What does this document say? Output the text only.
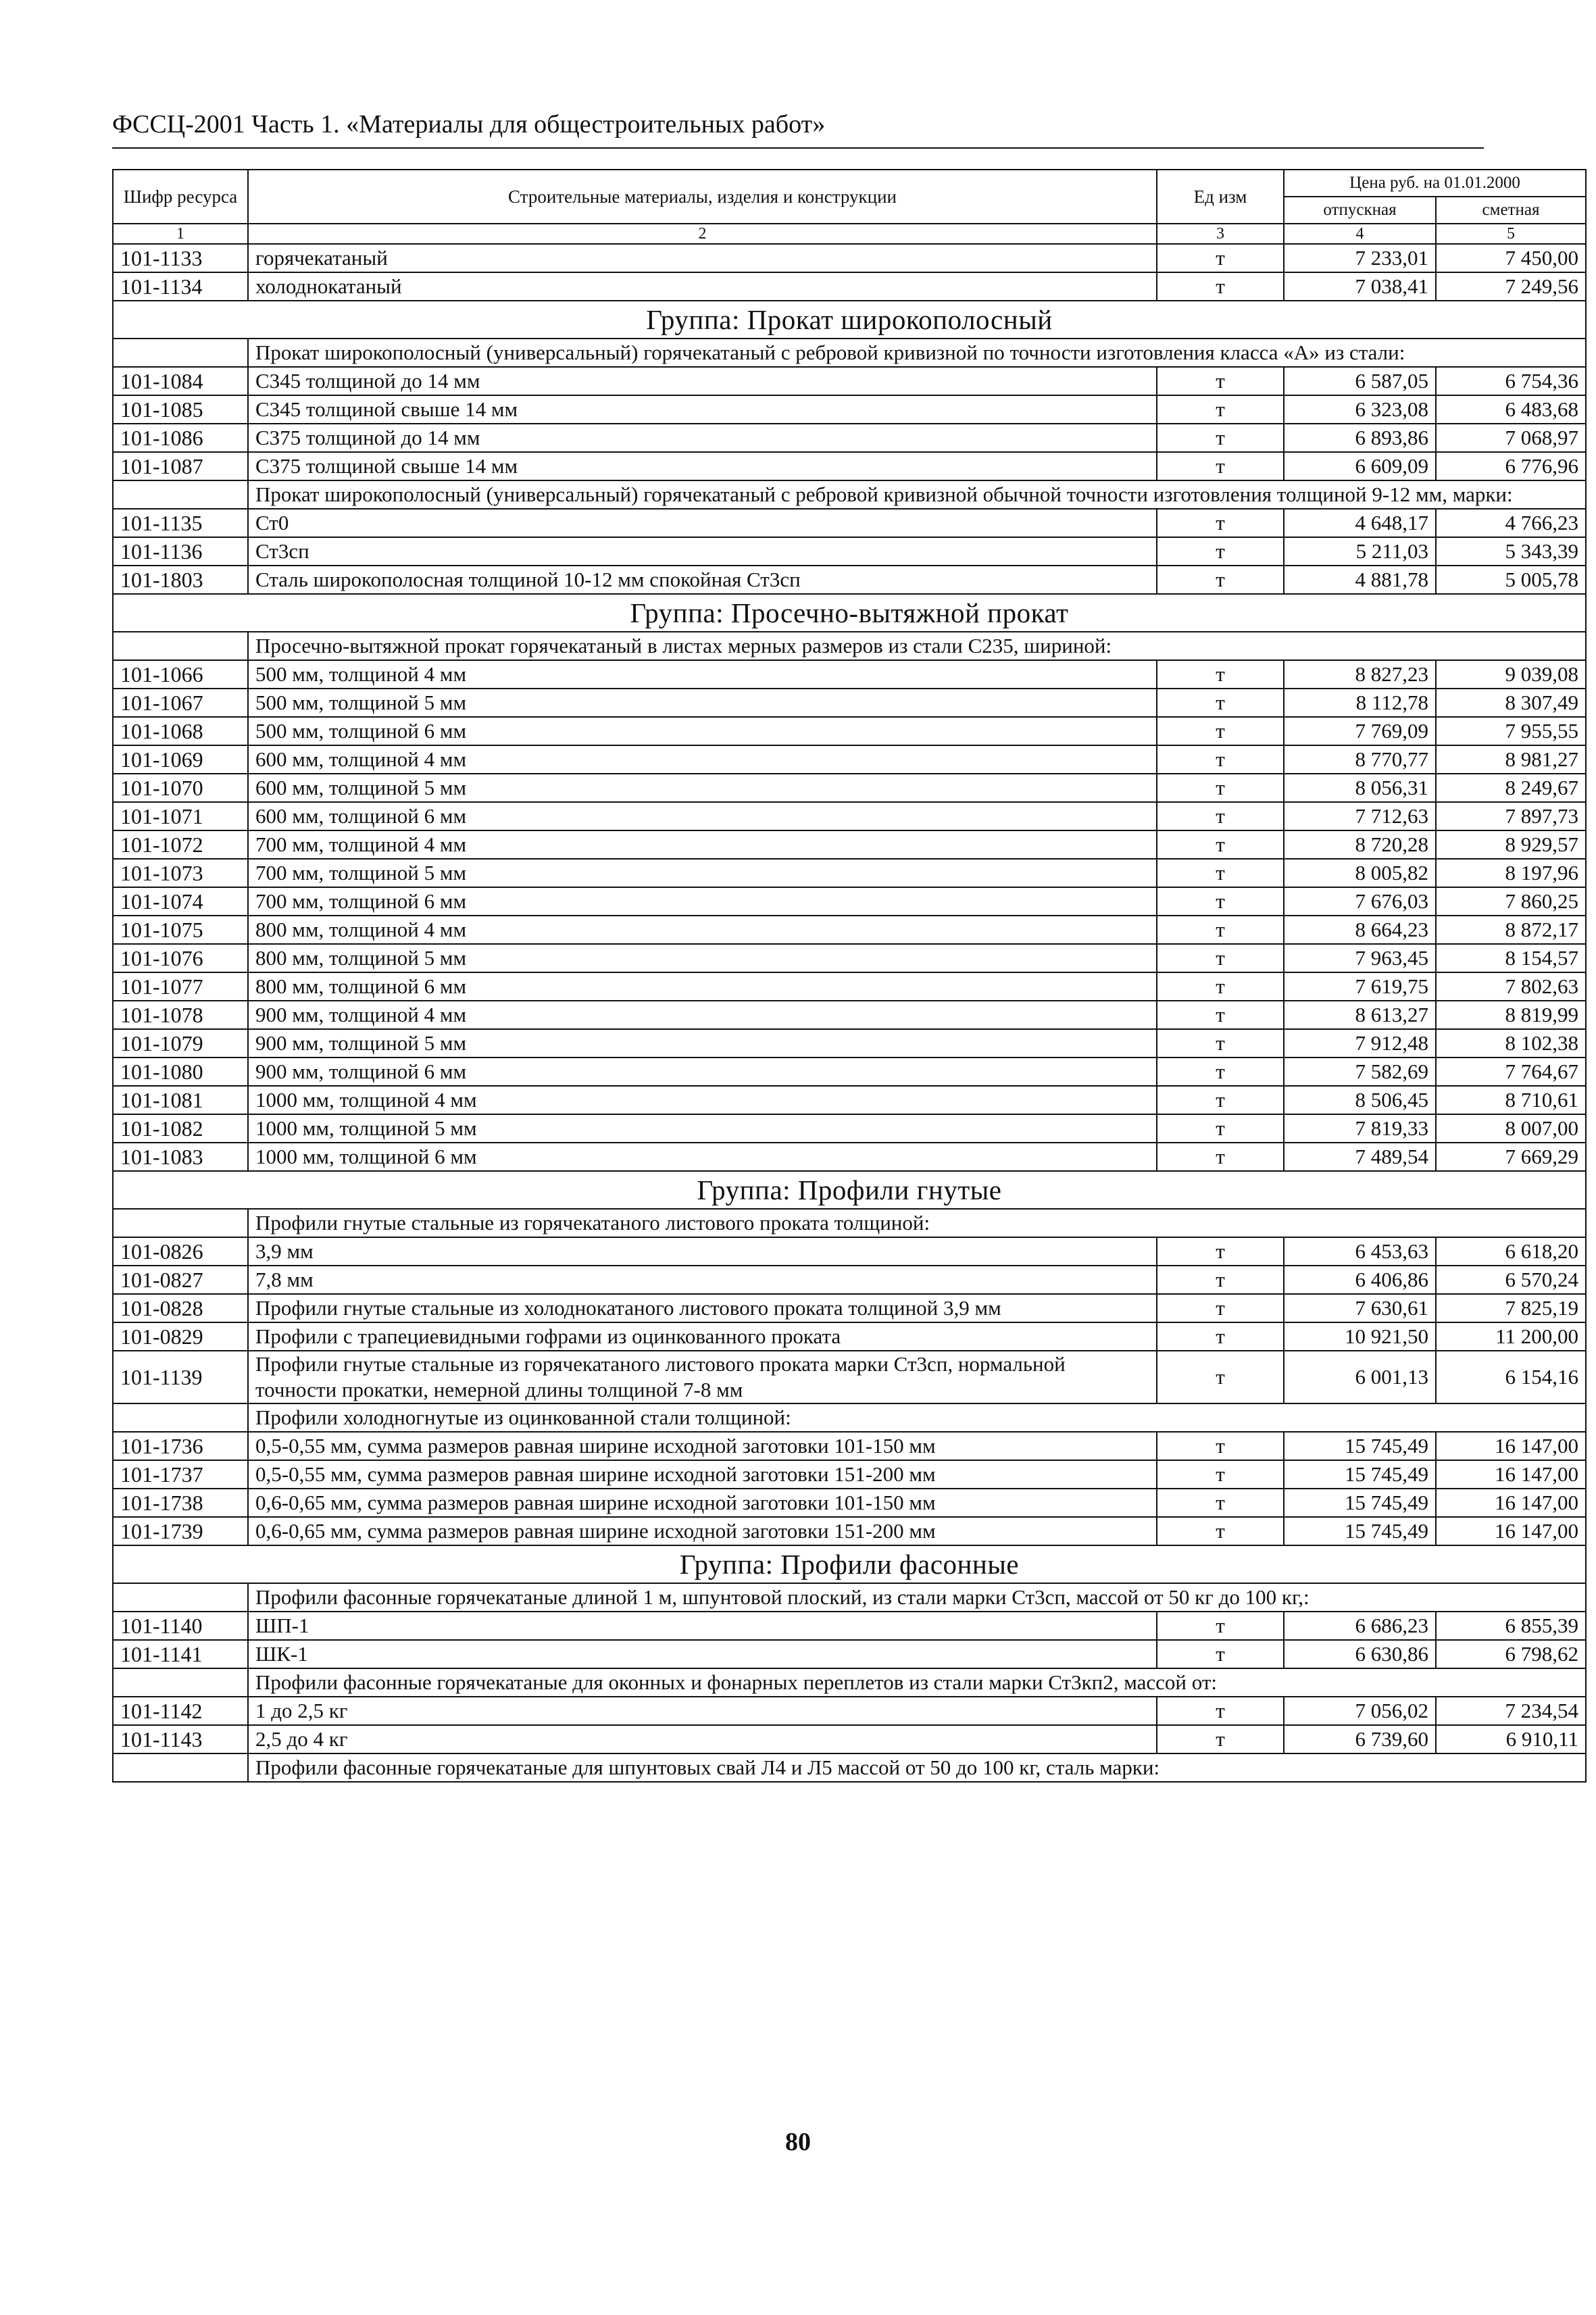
ФССЦ-2001 Часть 1. «Материалы для общестроительных работ»
Шифр ресурса	Строительные материалы, изделия и конструкции	Ед изм	Цена руб. на 01.01.2000	
			отпускная	сметная
1	2	3	4	5
101-1133	горячекатаный	т	7 233,01	7 450,00
101-1134	холоднокатаный	т	7 038,41	7 249,56
Группа: Прокат широкополосный				
	Прокат широкополосный (универсальный) горячекатаный с ребровой кривизной по точности изготовления класса «А» из стали:			
101-1084	С345 толщиной до 14 мм	т	6 587,05	6 754,36
101-1085	С345 толщиной свыше 14 мм	т	6 323,08	6 483,68
101-1086	С375 толщиной до 14 мм	т	6 893,86	7 068,97
101-1087	С375 толщиной свыше 14 мм	т	6 609,09	6 776,96
	Прокат широкополосный (универсальный) горячекатаный с ребровой кривизной обычной точности изготовления толщиной 9-12 мм, марки:			
101-1135	Ст0	т	4 648,17	4 766,23
101-1136	Ст3сп	т	5 211,03	5 343,39
101-1803	Сталь широкополосная толщиной 10-12 мм спокойная Ст3сп	т	4 881,78	5 005,78
Группа: Просечно-вытяжной прокат				
	Просечно-вытяжной прокат горячекатаный в листах мерных размеров из стали С235, шириной:			
101-1066	500 мм, толщиной 4 мм	т	8 827,23	9 039,08
101-1067	500 мм, толщиной 5 мм	т	8 112,78	8 307,49
101-1068	500 мм, толщиной 6 мм	т	7 769,09	7 955,55
101-1069	600 мм, толщиной 4 мм	т	8 770,77	8 981,27
101-1070	600 мм, толщиной 5 мм	т	8 056,31	8 249,67
101-1071	600 мм, толщиной 6 мм	т	7 712,63	7 897,73
101-1072	700 мм, толщиной 4 мм	т	8 720,28	8 929,57
101-1073	700 мм, толщиной 5 мм	т	8 005,82	8 197,96
101-1074	700 мм, толщиной 6 мм	т	7 676,03	7 860,25
101-1075	800 мм, толщиной 4 мм	т	8 664,23	8 872,17
101-1076	800 мм, толщиной 5 мм	т	7 963,45	8 154,57
101-1077	800 мм, толщиной 6 мм	т	7 619,75	7 802,63
101-1078	900 мм, толщиной 4 мм	т	8 613,27	8 819,99
101-1079	900 мм, толщиной 5 мм	т	7 912,48	8 102,38
101-1080	900 мм, толщиной 6 мм	т	7 582,69	7 764,67
101-1081	1000 мм, толщиной 4 мм	т	8 506,45	8 710,61
101-1082	1000 мм, толщиной 5 мм	т	7 819,33	8 007,00
101-1083	1000 мм, толщиной 6 мм	т	7 489,54	7 669,29
Группа: Профили гнутые				
	Профили гнутые стальные из горячекатаного листового проката толщиной:			
101-0826	3,9 мм	т	6 453,63	6 618,20
101-0827	7,8 мм	т	6 406,86	6 570,24
101-0828	Профили гнутые стальные из холоднокатаного листового проката толщиной 3,9 мм	т	7 630,61	7 825,19
101-0829	Профили с трапециевидными гофрами из оцинкованного проката	т	10 921,50	11 200,00
101-1139	Профили гнутые стальные из горячекатаного листового проката марки Ст3сп, нормальной точности прокатки, немерной длины толщиной 7-8 мм	т	6 001,13	6 154,16
	Профили холодногнутые из оцинкованной стали толщиной:			
101-1736	0,5-0,55 мм, сумма размеров равная ширине исходной заготовки 101-150 мм	т	15 745,49	16 147,00
101-1737	0,5-0,55 мм, сумма размеров равная ширине исходной заготовки 151-200 мм	т	15 745,49	16 147,00
101-1738	0,6-0,65 мм, сумма размеров равная ширине исходной заготовки 101-150 мм	т	15 745,49	16 147,00
101-1739	0,6-0,65 мм, сумма размеров равная ширине исходной заготовки 151-200 мм	т	15 745,49	16 147,00
Группа: Профили фасонные				
	Профили фасонные горячекатаные длиной 1 м, шпунтовой плоский, из стали марки Ст3сп, массой от 50 кг до 100 кг,:			
101-1140	ШП-1	т	6 686,23	6 855,39
101-1141	ШК-1	т	6 630,86	6 798,62
	Профили фасонные горячекатаные для оконных и фонарных переплетов из стали марки Ст3кп2, массой от:			
101-1142	1 до 2,5 кг	т	7 056,02	7 234,54
101-1143	2,5 до 4 кг	т	6 739,60	6 910,11
	Профили фасонные горячекатаные для шпунтовых свай Л4 и Л5 массой от 50 до 100 кг, сталь марки:			
80
